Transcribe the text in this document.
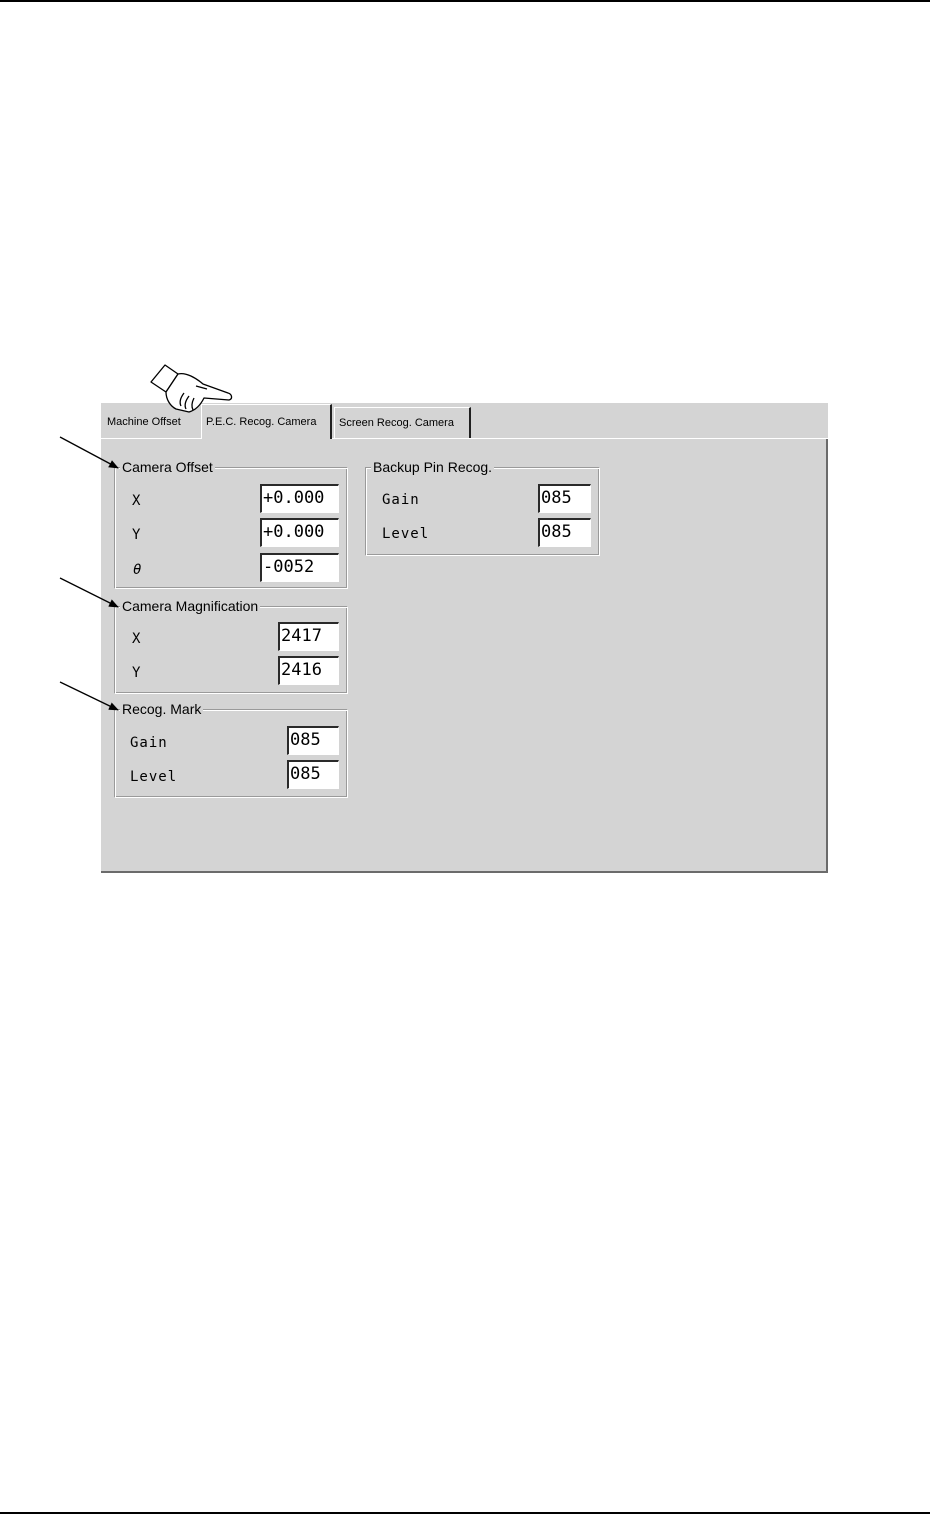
Machine Offset	P.E.C. Recog. Camera	Screen Recog. Camera
Camera Offset
X	+0.000
Y	+0.000
θ	-0052
Camera Magnification
X	2417
Y	2416
Recog. Mark
Gain	085
Level	085
Backup Pin Recog.
Gain	085
Level	085
